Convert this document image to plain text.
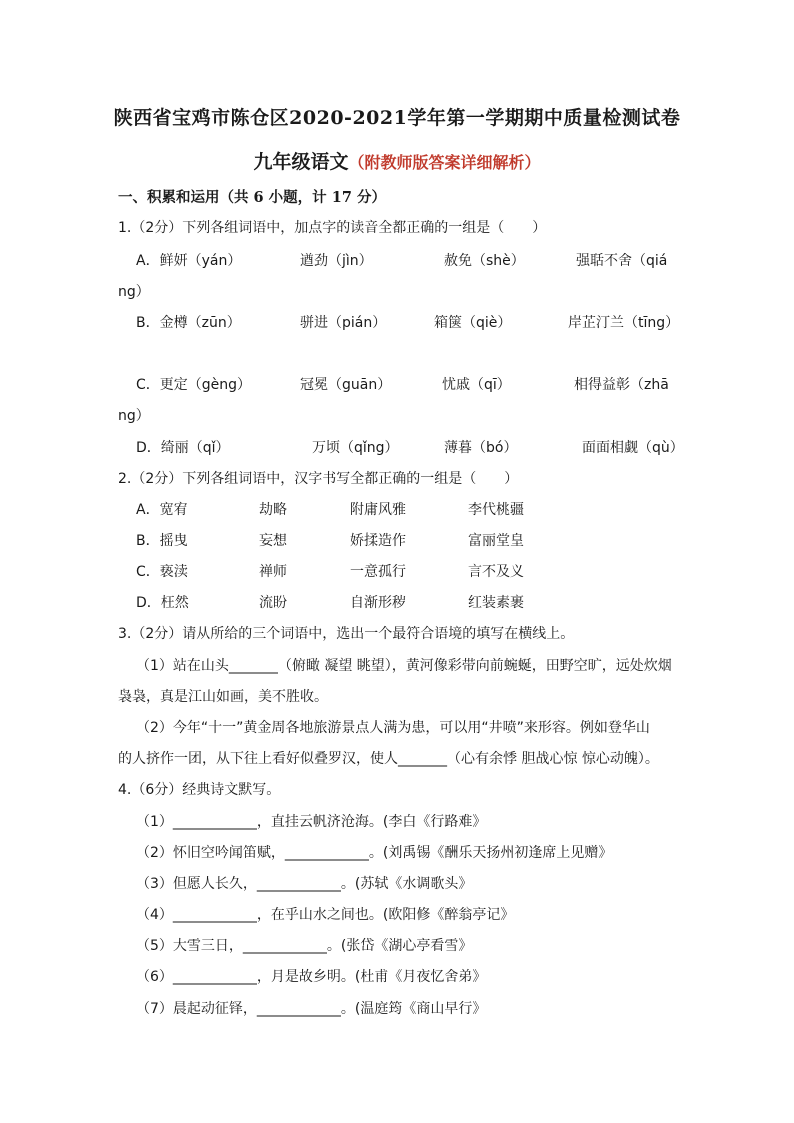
陕西省宝鸡市陈仓区2020-2021学年第一学期期中质量检测试卷
九年级语文（附教师版答案详细解析）
一、积累和运用（共 6 小题，计 17 分）
1.（2分）下列各组词语中，加点字的读音全都正确的一组是（　　）
A．鲜妍（yán）	遒劲（jìn）	赦免（shè）	强聒不舍（qiá
ng）
B．金樽（zūn）	骈进（pián）	箱箧（qiè）	岸芷汀兰（tīng）
C．更定（gèng）	冠冕（guān）	忧戚（qī）	相得益彰（zhā
ng）
D．绮丽（qǐ）	万顷（qǐng）	薄暮（bó）	面面相觑（qù）
2.（2分）下列各组词语中，汉字书写全都正确的一组是（　　）
A．宽宥	劫略	附庸风雅	李代桃疆
B．摇曳	妄想	娇揉造作	富丽堂皇
C．亵渎	禅师	一意孤行	言不及义
D．枉然	流盼	自渐形秽	红装素裹
3.（2分）请从所给的三个词语中，选出一个最符合语境的填写在横线上。
（1）站在山头_______（俯瞰 凝望 眺望），黄河像彩带向前蜿蜒，田野空旷，远处炊烟
袅袅，真是江山如画，美不胜收。
（2）今年“十一”黄金周各地旅游景点人满为患，可以用“井喷”来形容。例如登华山
的人挤作一团，从下往上看好似叠罗汉，使人_______（心有余悸 胆战心惊 惊心动魄）。
4.（6分）经典诗文默写。
（1）____________，直挂云帆济沧海。(李白《行路难》
（2）怀旧空吟闻笛赋，____________。(刘禹锡《酬乐天扬州初逢席上见赠》
（3）但愿人长久，____________。(苏轼《水调歌头》
（4）____________，在乎山水之间也。(欧阳修《醉翁亭记》
（5）大雪三日，____________。(张岱《湖心亭看雪》
（6）____________，月是故乡明。(杜甫《月夜忆舍弟》
（7）晨起动征铎，____________。(温庭筠《商山早行》
